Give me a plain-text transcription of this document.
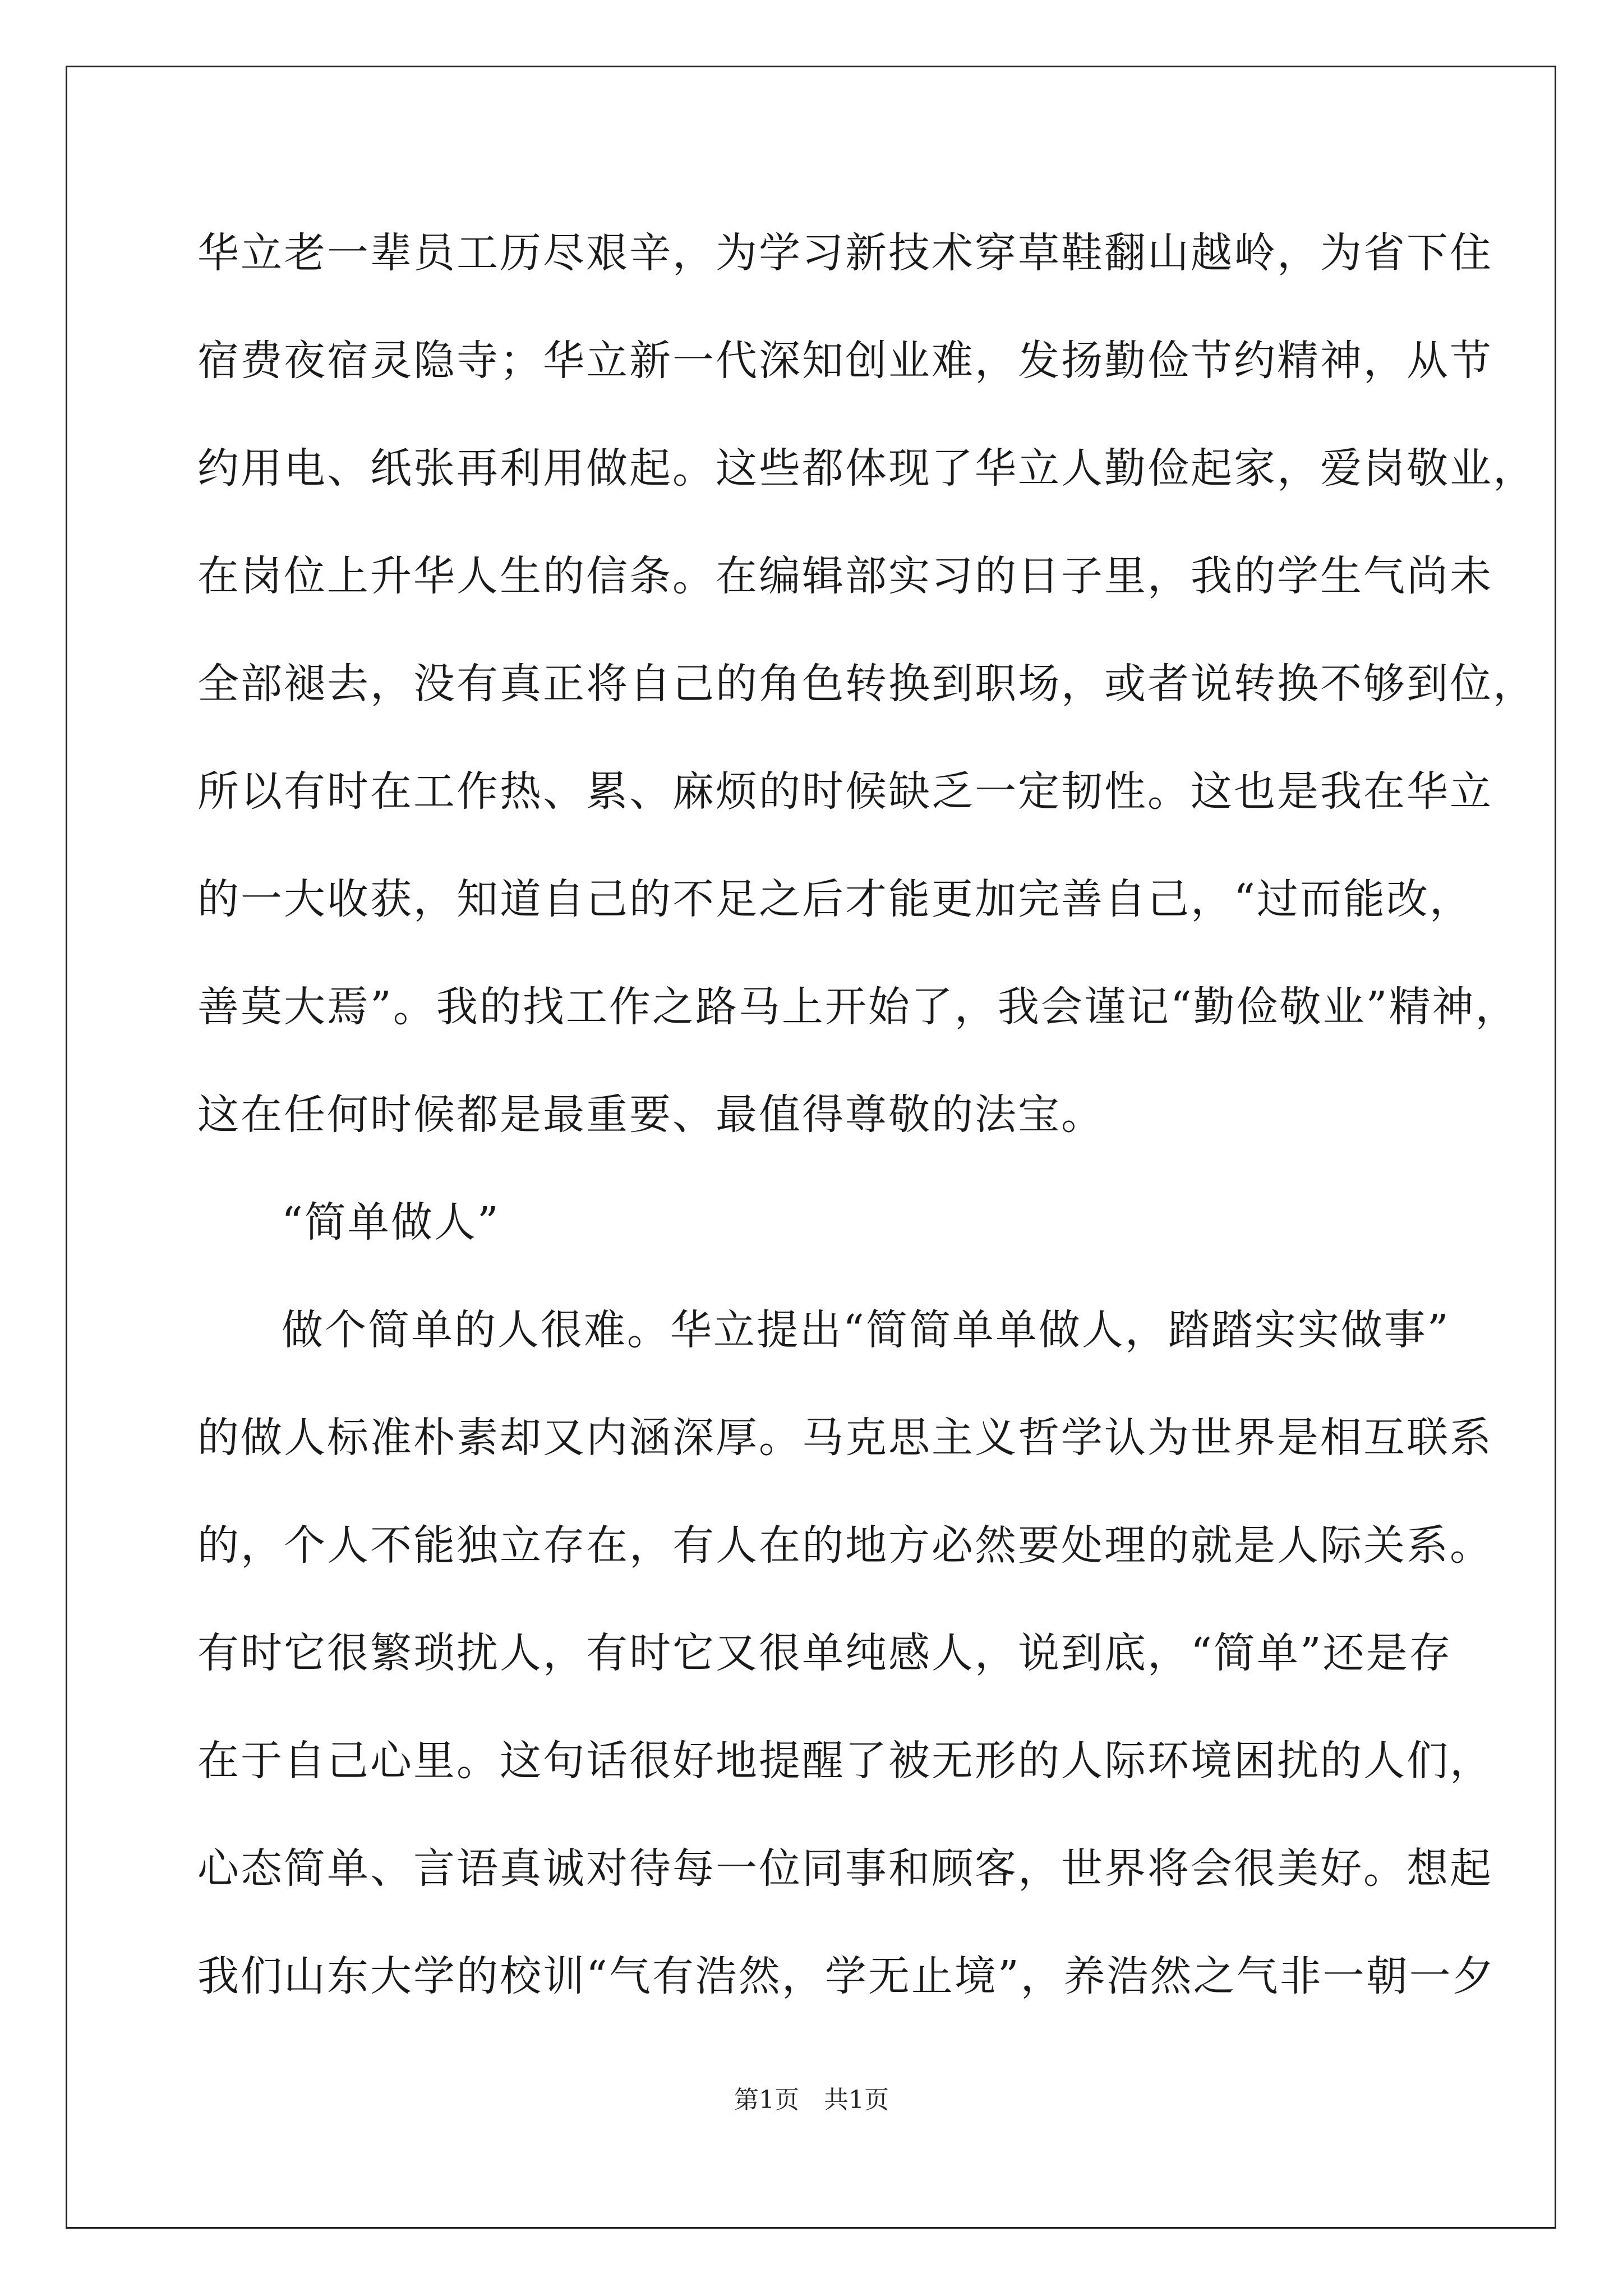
华立老一辈员工历尽艰辛，为学习新技术穿草鞋翻山越岭，为省下住
宿费夜宿灵隐寺；华立新一代深知创业难，发扬勤俭节约精神，从节
约用电、纸张再利用做起。这些都体现了华立人勤俭起家，爱岗敬业，
在岗位上升华人生的信条。在编辑部实习的日子里，我的学生气尚未
全部褪去，没有真正将自己的角色转换到职场，或者说转换不够到位，
所以有时在工作热、累、麻烦的时候缺乏一定韧性。这也是我在华立
的一大收获，知道自己的不足之后才能更加完善自己，“过而能改，
善莫大焉”。我的找工作之路马上开始了，我会谨记“勤俭敬业”精神，
这在任何时候都是最重要、最值得尊敬的法宝。
“简单做人”
做个简单的人很难。华立提出“简简单单做人，踏踏实实做事”
的做人标准朴素却又内涵深厚。马克思主义哲学认为世界是相互联系
的，个人不能独立存在，有人在的地方必然要处理的就是人际关系。
有时它很繁琐扰人，有时它又很单纯感人，说到底，“简单”还是存
在于自己心里。这句话很好地提醒了被无形的人际环境困扰的人们，
心态简单、言语真诚对待每一位同事和顾客，世界将会很美好。想起
我们山东大学的校训“气有浩然，学无止境”，养浩然之气非一朝一夕
第1页　共1页
